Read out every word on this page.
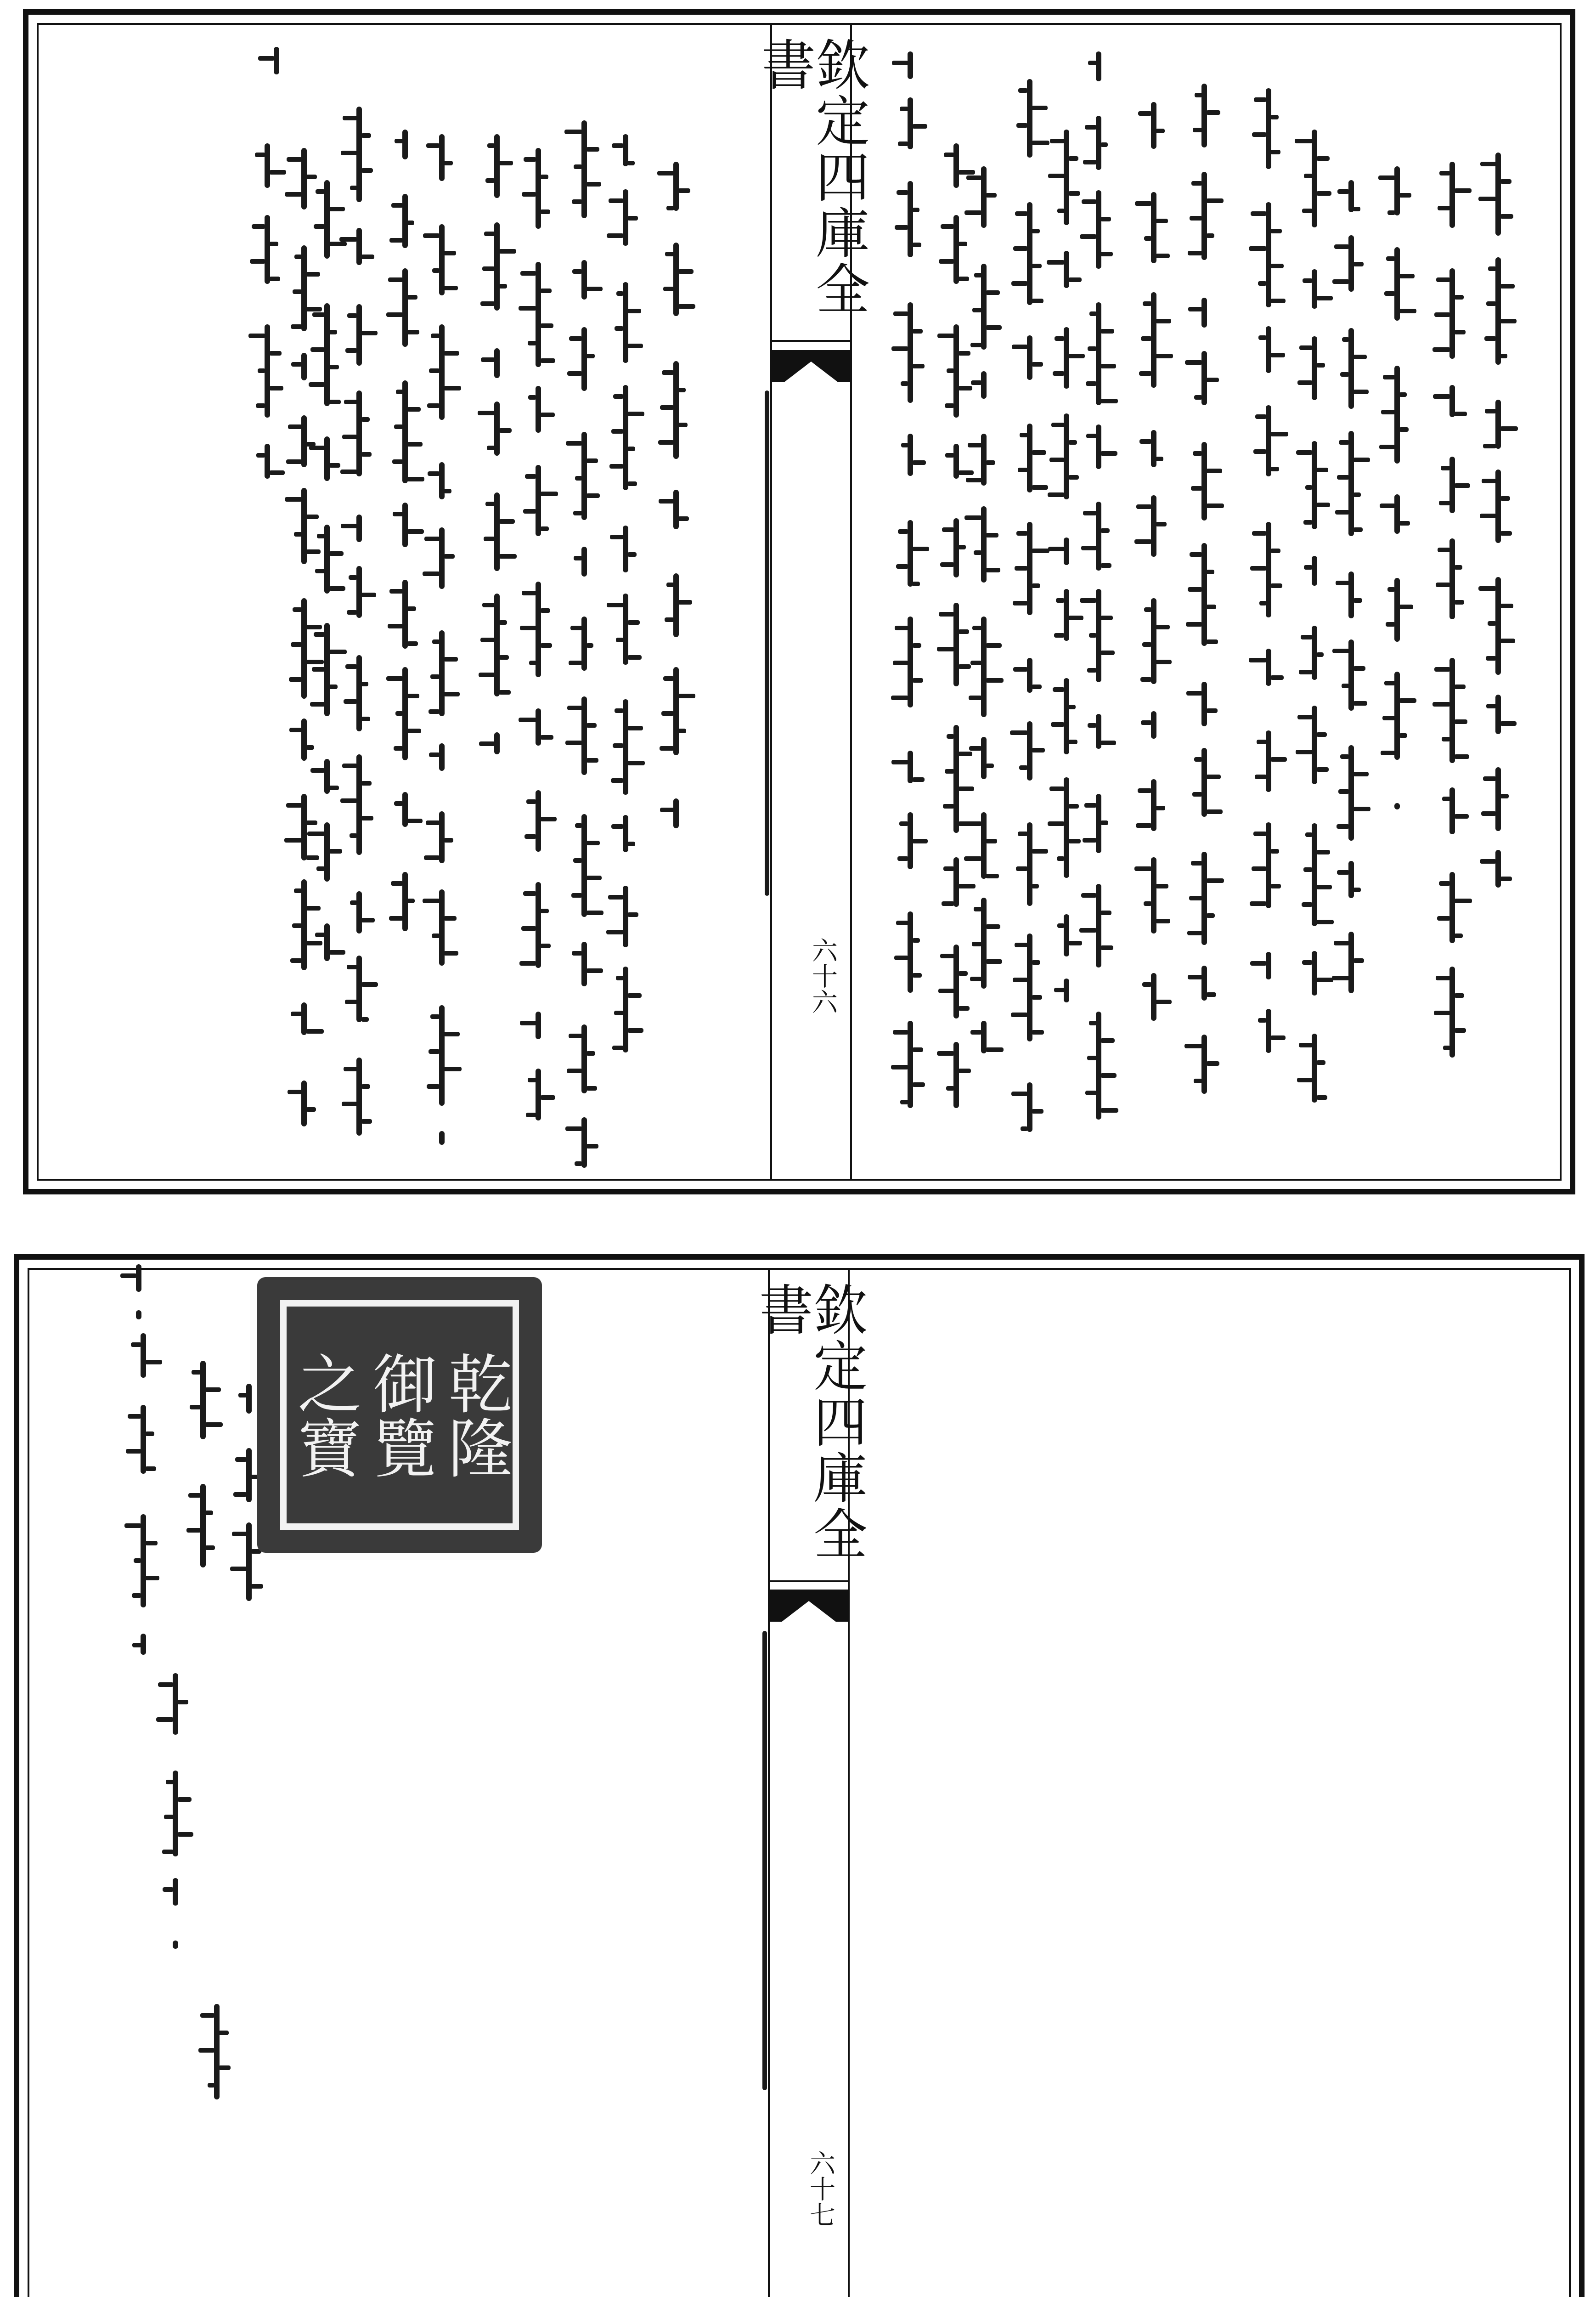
欽定四庫全書
六十六
欽定四庫全書
六十七
乾隆
御覽
之寶
